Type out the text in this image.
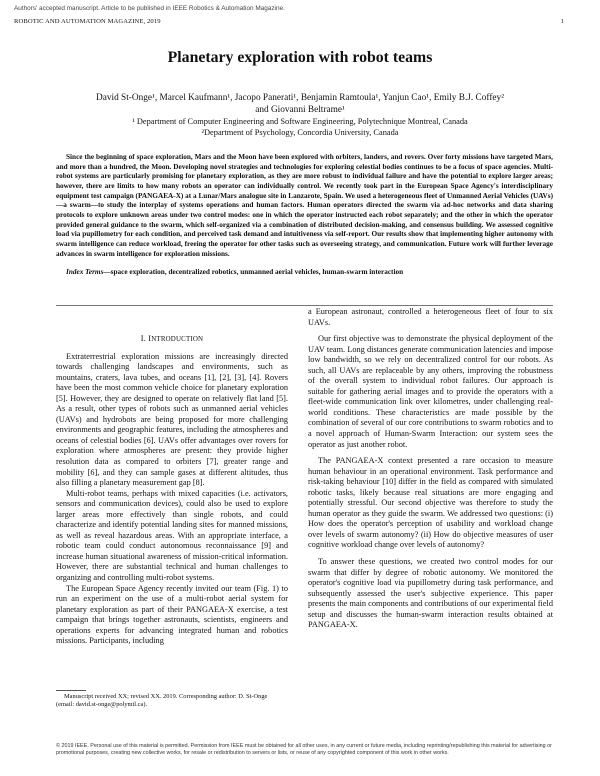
Authors' accepted manuscript. Article to be published in IEEE Robotics & Automation Magazine.
ROBOTIC AND AUTOMATION MAGAZINE, 2019	1
Planetary exploration with robot teams
David St-Onge¹, Marcel Kaufmann¹, Jacopo Panerati¹, Benjamin Ramtoula¹, Yanjun Cao¹, Emily B.J. Coffey²
and Giovanni Beltrame¹
¹ Department of Computer Engineering and Software Engineering, Polytechnique Montreal, Canada
²Department of Psychology, Concordia University, Canada

Since the beginning of space exploration, Mars and the Moon have been explored with orbiters, landers, and rovers. Over forty missions have targeted Mars, and more than a hundred, the Moon. Developing novel strategies and technologies for exploring celestial bodies continues to be a focus of space agencies. Multi-robot systems are particularly promising for planetary exploration, as they are more robust to individual failure and have the potential to explore larger areas; however, there are limits to how many robots an operator can individually control. We recently took part in the European Space Agency's interdisciplinary equipment test campaign (PANGAEA-X) at a Lunar/Mars analogue site in Lanzarote, Spain. We used a heterogeneous fleet of Unmanned Aerial Vehicles (UAVs)—a swarm—to study the interplay of systems operations and human factors. Human operators directed the swarm via ad-hoc networks and data sharing protocols to explore unknown areas under two control modes: one in which the operator instructed each robot separately; and the other in which the operator provided general guidance to the swarm, which self-organized via a combination of distributed decision-making, and consensus building. We assessed cognitive load via pupillometry for each condition, and perceived task demand and intuitiveness via self-report. Our results show that implementing higher autonomy with swarm intelligence can reduce workload, freeing the operator for other tasks such as overseeing strategy, and communication. Future work will further leverage advances in swarm intelligence for exploration missions.

Index Terms—space exploration, decentralized robotics, unmanned aerial vehicles, human-swarm interaction

I. INTRODUCTION

Extraterrestrial exploration missions are increasingly directed towards challenging landscapes and environments, such as mountains, craters, lava tubes, and oceans [1], [2], [3], [4]. Rovers have been the most common vehicle choice for planetary exploration [5]. However, they are designed to operate on relatively flat land [5]. As a result, other types of robots such as unmanned aerial vehicles (UAVs) and hydrobots are being proposed for more challenging environments and geographic features, including the atmospheres and oceans of celestial bodies [6]. UAVs offer advantages over rovers for exploration where atmospheres are present: they provide higher resolution data as compared to orbiters [7], greater range and mobility [6], and they can sample gases at different altitudes, thus also filling a planetary measurement gap [8].

Multi-robot teams, perhaps with mixed capacities (i.e. activators, sensors and communication devices), could also be used to explore larger areas more effectively than single robots, and could characterize and identify potential landing sites for manned missions, as well as reveal hazardous areas. With an appropriate interface, a robotic team could conduct autonomous reconnaissance [9] and increase human situational awareness of mission-critical information. However, there are substantial technical and human challenges to organizing and controlling multi-robot systems.

The European Space Agency recently invited our team (Fig. 1) to run an experiment on the use of a multi-robot aerial system for planetary exploration as part of their PANGAEA-X exercise, a test campaign that brings together astronauts, scientists, engineers and operations experts for advancing integrated human and robotics missions. Participants, including

a European astronaut, controlled a heterogeneous fleet of four to six UAVs.

Our first objective was to demonstrate the physical deployment of the UAV team. Long distances generate communication latencies and impose low bandwidth, so we rely on decentralized control for our robots. As such, all UAVs are replaceable by any others, improving the robustness of the overall system to individual robot failures. Our approach is suitable for gathering aerial images and to provide the operators with a fleet-wide communication link over kilometres, under challenging real-world conditions. These characteristics are made possible by the combination of several of our core contributions to swarm robotics and to a novel approach of Human-Swarm Interaction: our system sees the operator as just another robot.

The PANGAEA-X context presented a rare occasion to measure human behaviour in an operational environment. Task performance and risk-taking behaviour [10] differ in the field as compared with simulated robotic tasks, likely because real situations are more engaging and potentially stressful. Our second objective was therefore to study the human operator as they guide the swarm. We addressed two questions: (i) How does the operator's perception of usability and workload change over levels of swarm autonomy? (ii) How do objective measures of user cognitive workload change over levels of autonomy?

To answer these questions, we created two control modes for our swarm that differ by degree of robotic autonomy. We monitored the operator's cognitive load via pupillometry during task performance, and subsequently assessed the user's subjective experience. This paper presents the main components and contributions of our experimental field setup and discusses the human-swarm interaction results obtained at PANGAEA-X.

Manuscript received XX; revised XX. 2019. Corresponding author: D. St-Onge (email: david.st-onge@polymtl.ca).

© 2019 IEEE. Personal use of this material is permitted. Permission from IEEE must be obtained for all other uses, in any current or future media, including reprinting/republishing this material for advertising or promotional purposes, creating new collective works, for resale or redistribution to servers or lists, or reuse of any copyrighted component of this work in other works.
